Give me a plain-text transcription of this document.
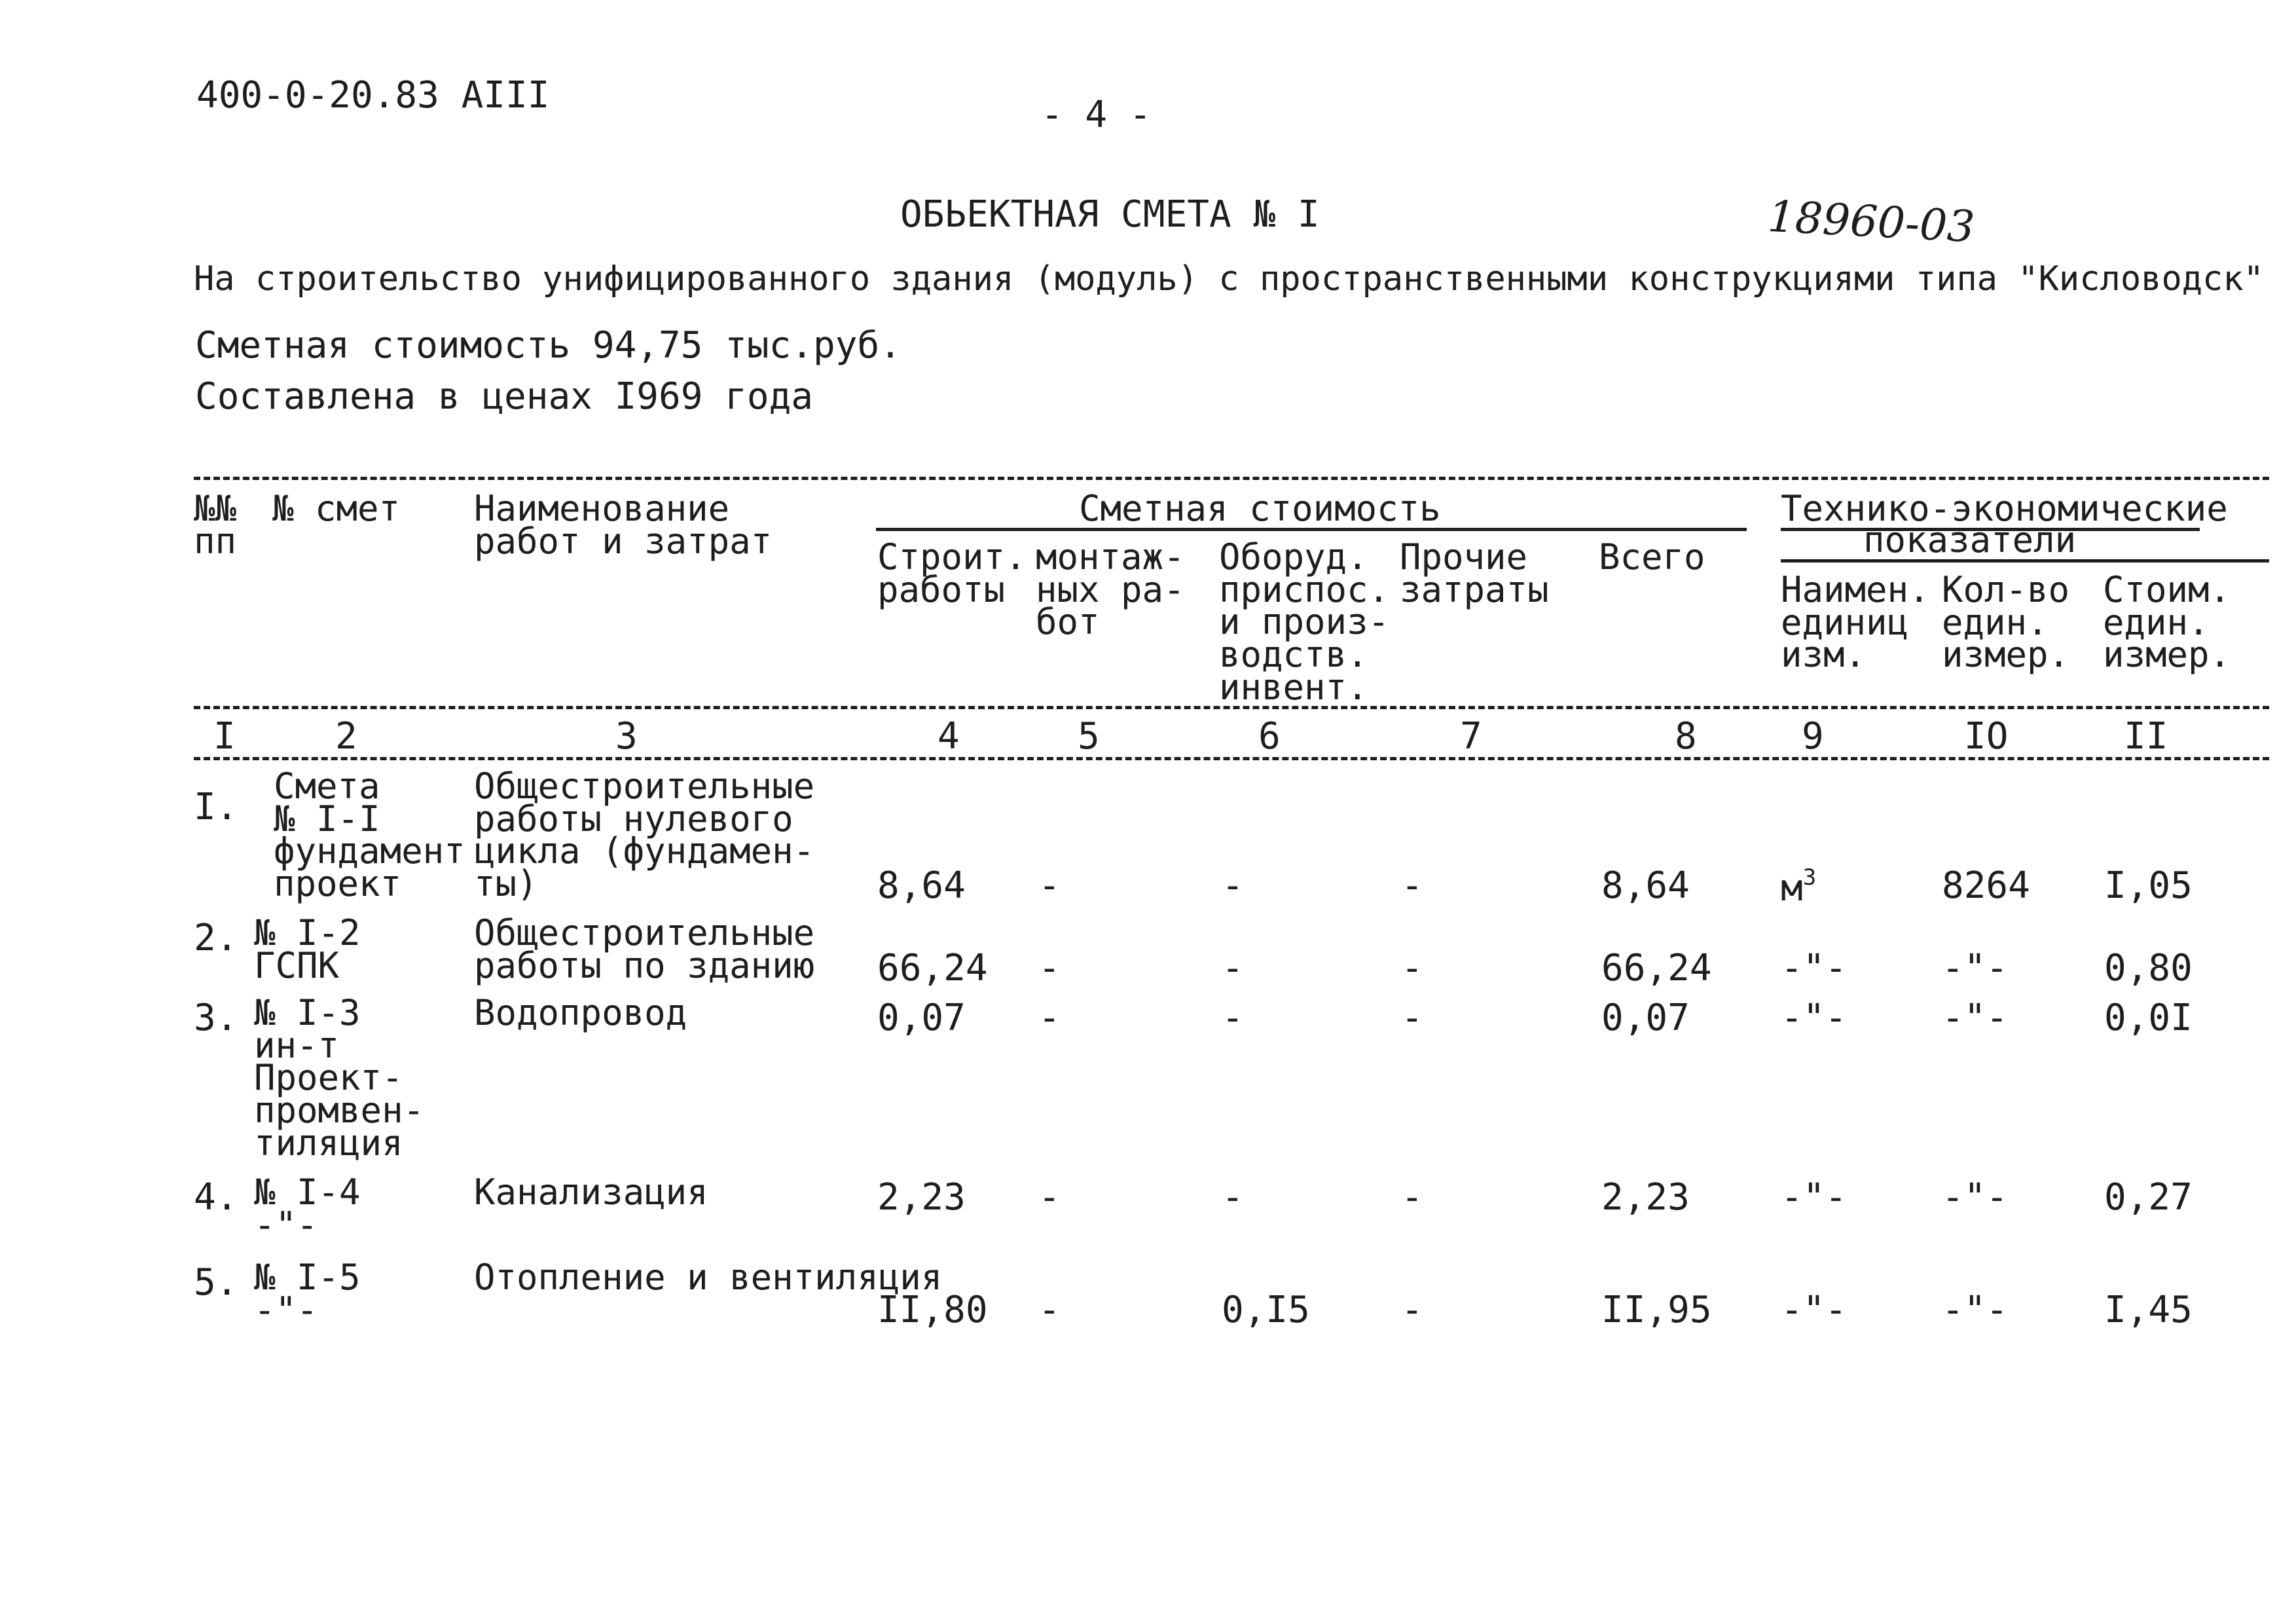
400-0-20.83 АIII	- 4 -
ОБЬЕКТНАЯ СМЕТА № I	18960-03
На строительство унифицированного здания (модуль) с пространственными конструкциями типа "Кисловодск"
Сметная стоимость 94,75 тыс.руб.
Составлена в ценах I969 года
№№
пп
№ смет Наименование
работ и затрат
Сметная стоимость	Технико-экономические
показатели
Строит.
работы
монтаж-
ных ра-
бот
Оборуд.
приспос.
и произ-
водств.
инвент.
Прочие
затраты
Всего
Наимен.
единиц
изм.
Кол-во
един.
измер.
Стоим.
един.
измер.
I	2	3	4	5	6	7	8	9	IO	II
I. Смета
№ I-I
фундамент
проект
Общестроительные
работы нулевого
цикла (фундамен-
ты)	8,64 -	-	-	8,64 $м^3$	8264 I,05
2. № I-2
ГСПК
Общестроительные
работы по зданию 66,24 -	-	-	66,24 -"-	-"-	0,80
3. № I-3
ин-т
Проект-
промвен-
тиляция
Водопровод	0,07 -	-	-	0,07 -"-	-"-	0,0I
4. № I-4
-"-
Канализация	2,23 -	-	-	2,23 -"-	-"-	0,27
5. № I-5
-"-
Отопление и вентиляция
II,80 -	0,I5 -	II,95 -"-	-"-	I,45
